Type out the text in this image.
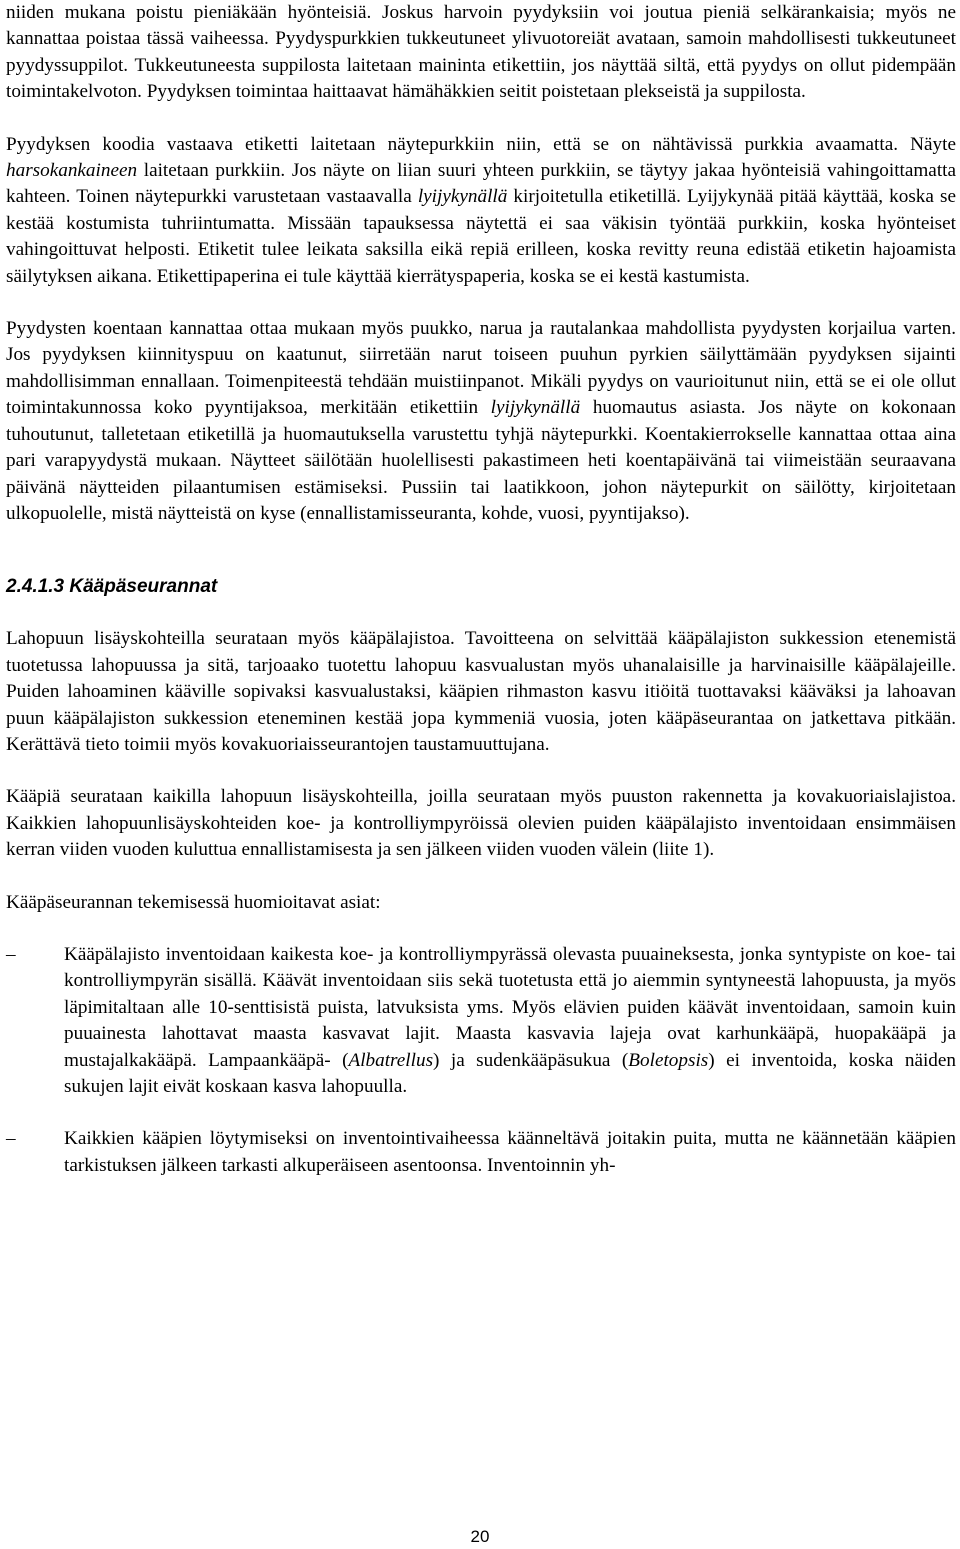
niiden mukana poistu pieniäkään hyönteisiä. Joskus harvoin pyydyksiin voi joutua pieniä selkärankaisia; myös ne kannattaa poistaa tässä vaiheessa. Pyydyspurkkien tukkeutuneet ylivuotoreiät avataan, samoin mahdollisesti tukkeutuneet pyydyssuppilot. Tukkeutuneesta suppilosta laitetaan maininta etikettiin, jos näyttää siltä, että pyydys on ollut pidempään toimintakelvoton. Pyydyksen toimintaa haittaavat hämähäkkien seitit poistetaan plekseistä ja suppilosta.

Pyydyksen koodia vastaava etiketti laitetaan näytepurkkiin niin, että se on nähtävissä purkkia avaamatta. Näyte harsokankaineen laitetaan purkkiin. Jos näyte on liian suuri yhteen purkkiin, se täytyy jakaa hyönteisiä vahingoittamatta kahteen. Toinen näytepurkki varustetaan vastaavalla lyijykynällä kirjoitetulla etiketillä. Lyijykynää pitää käyttää, koska se kestää kostumista tuhriintumatta. Missään tapauksessa näytettä ei saa väkisin työntää purkkiin, koska hyönteiset vahingoittuvat helposti. Etiketit tulee leikata saksilla eikä repiä erilleen, koska revitty reuna edistää etiketin hajoamista säilytyksen aikana. Etikettipaperina ei tule käyttää kierrätyspaperia, koska se ei kestä kastumista.

Pyydysten koentaan kannattaa ottaa mukaan myös puukko, narua ja rautalankaa mahdollista pyydysten korjailua varten. Jos pyydyksen kiinnityspuu on kaatunut, siirretään narut toiseen puuhun pyrkien säilyttämään pyydyksen sijainti mahdollisimman ennallaan. Toimenpiteestä tehdään muistiinpanot. Mikäli pyydys on vaurioitunut niin, että se ei ole ollut toimintakunnossa koko pyyntijaksoa, merkitään etikettiin lyijykynällä huomautus asiasta. Jos näyte on kokonaan tuhoutunut, talletetaan etiketillä ja huomautuksella varustettu tyhjä näytepurkki. Koentakierrokselle kannattaa ottaa aina pari varapyydystä mukaan. Näytteet säilötään huolellisesti pakastimeen heti koentapäivänä tai viimeistään seuraavana päivänä näytteiden pilaantumisen estämiseksi. Pussiin tai laatikkoon, johon näytepurkit on säilötty, kirjoitetaan ulkopuolelle, mistä näytteistä on kyse (ennallistamisseuranta, kohde, vuosi, pyyntijakso).

2.4.1.3 Kääpäseurannat

Lahopuun lisäyskohteilla seurataan myös kääpälajistoa. Tavoitteena on selvittää kääpälajiston sukkession etenemistä tuotetussa lahopuussa ja sitä, tarjoaako tuotettu lahopuu kasvualustan myös uhanalaisille ja harvinaisille kääpälajeille. Puiden lahoaminen kääville sopivaksi kasvualustaksi, kääpien rihmaston kasvu itiöitä tuottavaksi kääväksi ja lahoavan puun kääpälajiston sukkession eteneminen kestää jopa kymmeniä vuosia, joten kääpäseurantaa on jatkettava pitkään. Kerättävä tieto toimii myös kovakuoriaisseurantojen taustamuuttujana.

Kääpiä seurataan kaikilla lahopuun lisäyskohteilla, joilla seurataan myös puuston rakennetta ja kovakuoriaislajistoa. Kaikkien lahopuunlisäyskohteiden koe- ja kontrolliympyröissä olevien puiden kääpälajisto inventoidaan ensimmäisen kerran viiden vuoden kuluttua ennallistamisesta ja sen jälkeen viiden vuoden välein (liite 1).

Kääpäseurannan tekemisessä huomioitavat asiat:

–	Kääpälajisto inventoidaan kaikesta koe- ja kontrolliympyrässä olevasta puuaineksesta, jonka syntypiste on koe- tai kontrolliympyrän sisällä. Käävät inventoidaan siis sekä tuotetusta että jo aiemmin syntyneestä lahopuusta, ja myös läpimitaltaan alle 10-senttisistä puista, latvuksista yms. Myös elävien puiden käävät inventoidaan, samoin kuin puuainesta lahottavat maasta kasvavat lajit. Maasta kasvavia lajeja ovat karhunkääpä, huopakääpä ja mustajalkakääpä. Lampaankääpä- (Albatrellus) ja sudenkääpäsukua (Boletopsis) ei inventoida, koska näiden sukujen lajit eivät koskaan kasva lahopuulla.

–	Kaikkien kääpien löytymiseksi on inventointivaiheessa käänneltävä joitakin puita, mutta ne käännetään kääpien tarkistuksen jälkeen tarkasti alkuperäiseen asentoonsa. Inventoinnin yh-

20
